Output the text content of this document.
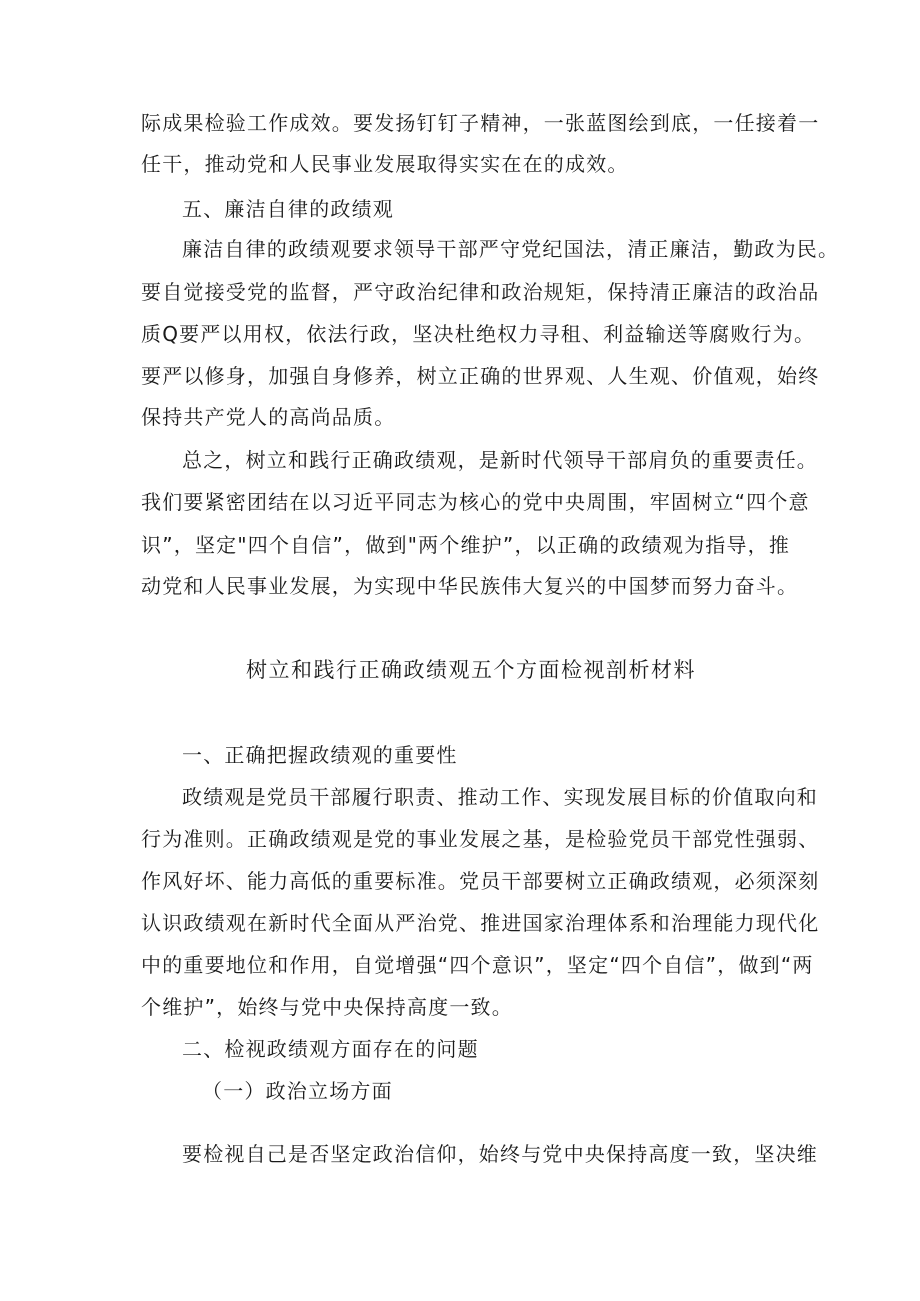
际成果检验工作成效。要发扬钉钉子精神，一张蓝图绘到底，一任接着一
任干，推动党和人民事业发展取得实实在在的成效。
五、廉洁自律的政绩观
廉洁自律的政绩观要求领导干部严守党纪国法，清正廉洁，勤政为民。
要自觉接受党的监督，严守政治纪律和政治规矩，保持清正廉洁的政治品
质Q要严以用权，依法行政，坚决杜绝权力寻租、利益输送等腐败行为。
要严以修身，加强自身修养，树立正确的世界观、人生观、价值观，始终
保持共产党人的高尚品质。
总之，树立和践行正确政绩观，是新时代领导干部肩负的重要责任。
我们要紧密团结在以习近平同志为核心的党中央周围，牢固树立“四个意
识”，坚定"四个自信”，做到"两个维护”，以正确的政绩观为指导，推
动党和人民事业发展，为实现中华民族伟大复兴的中国梦而努力奋斗。
树立和践行正确政绩观五个方面检视剖析材料
一、正确把握政绩观的重要性
政绩观是党员干部履行职责、推动工作、实现发展目标的价值取向和
行为准则。正确政绩观是党的事业发展之基，是检验党员干部党性强弱、
作风好坏、能力高低的重要标准。党员干部要树立正确政绩观，必须深刻
认识政绩观在新时代全面从严治党、推进国家治理体系和治理能力现代化
中的重要地位和作用，自觉增强“四个意识”，坚定“四个自信”，做到“两
个维护”，始终与党中央保持高度一致。
二、检视政绩观方面存在的问题
（一）政治立场方面
要检视自己是否坚定政治信仰，始终与党中央保持高度一致，坚决维
